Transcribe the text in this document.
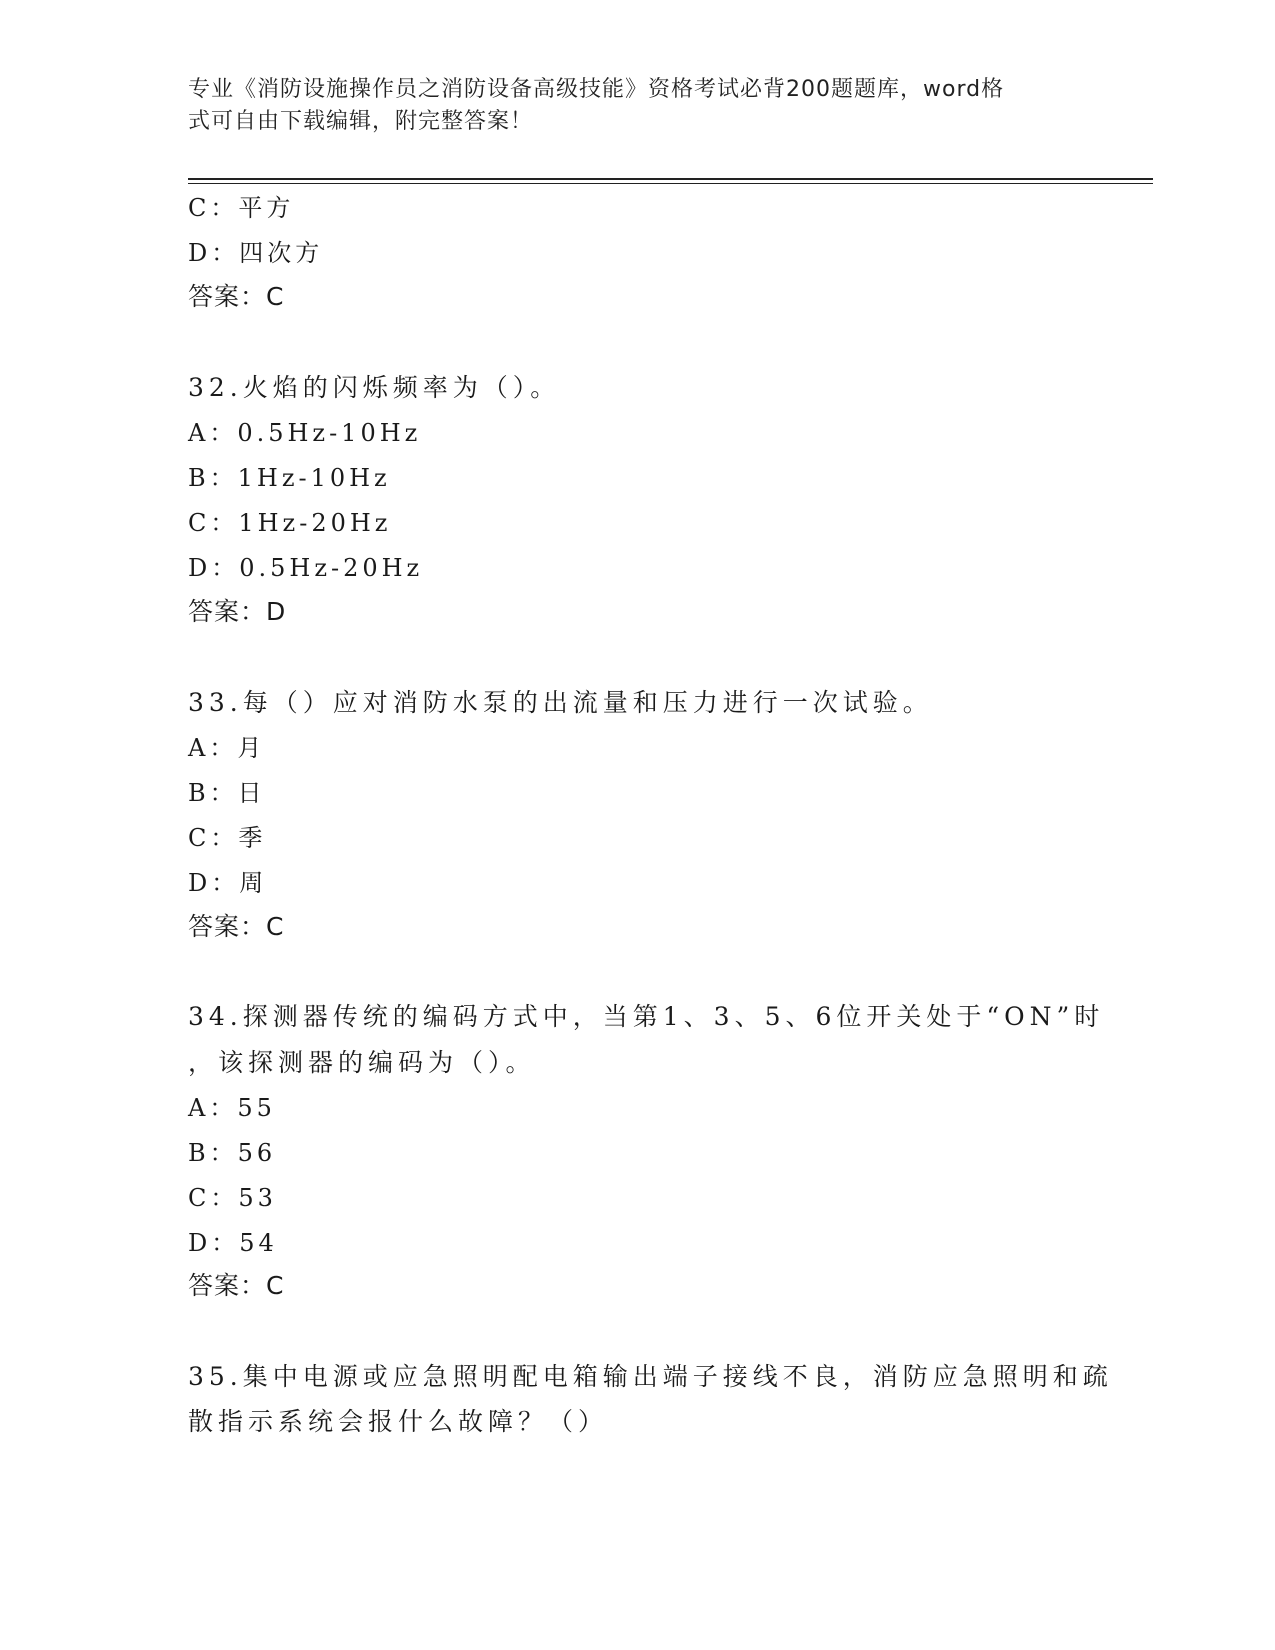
专业《消防设施操作员之消防设备高级技能》资格考试必背200题题库，word格
式可自由下载编辑，附完整答案！
C：平方
D：四次方
答案：C
32.火焰的闪烁频率为（）。
A：0.5Hz-10Hz
B：1Hz-10Hz
C：1Hz-20Hz
D：0.5Hz-20Hz
答案：D
33.每（）应对消防水泵的出流量和压力进行一次试验。
A：月
B：日
C：季
D：周
答案：C
34.探测器传统的编码方式中，当第1、3、5、6位开关处于“ON”时
，该探测器的编码为（）。
A：55
B：56
C：53
D：54
答案：C
35.集中电源或应急照明配电箱输出端子接线不良，消防应急照明和疏
散指示系统会报什么故障？（）
